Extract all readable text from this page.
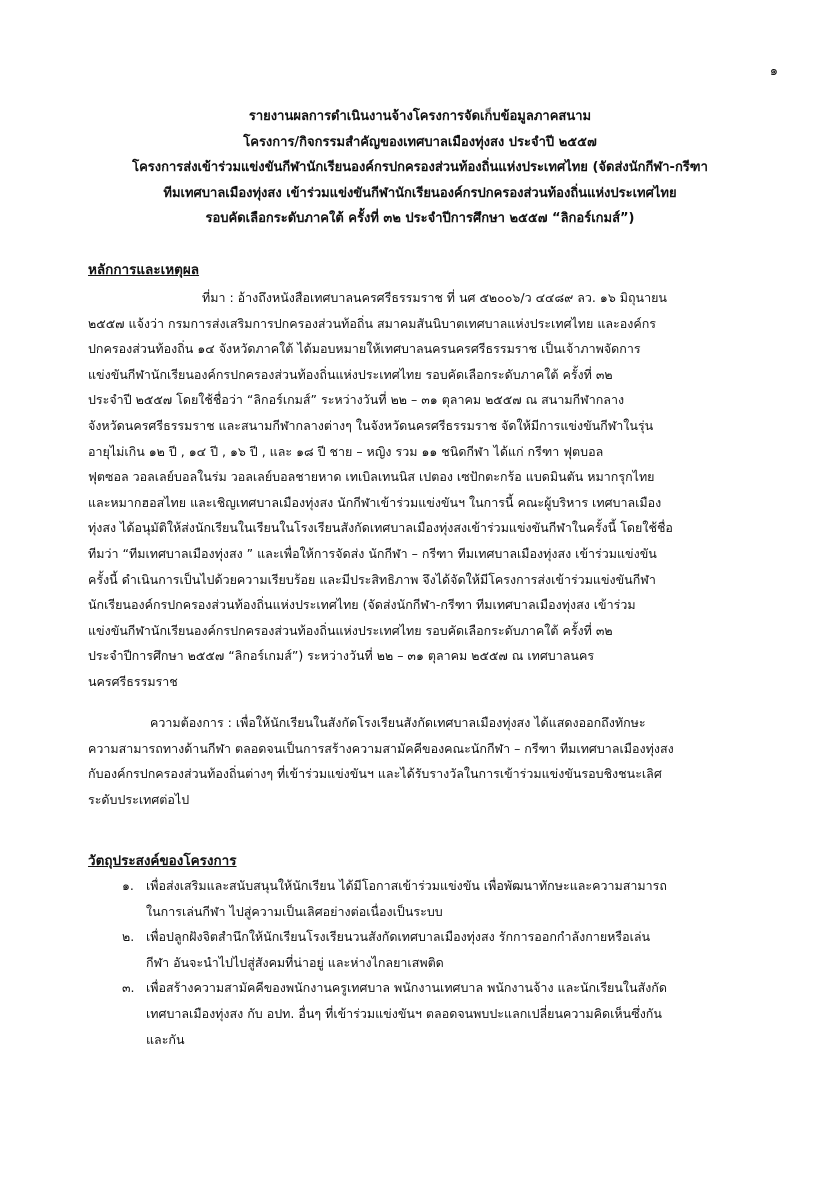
๑
รายงานผลการดำเนินงานจ้างโครงการจัดเก็บข้อมูลภาคสนาม
โครงการ/กิจกรรมสำคัญของเทศบาลเมืองทุ่งสง ประจำปี ๒๕๕๗
โครงการส่งเข้าร่วมแข่งขันกีฬานักเรียนองค์กรปกครองส่วนท้องถิ่นแห่งประเทศไทย (จัดส่งนักกีฬา-กรีฑา
ทีมเทศบาลเมืองทุ่งสง เข้าร่วมแข่งขันกีฬานักเรียนองค์กรปกครองส่วนท้องถิ่นแห่งประเทศไทย
รอบคัดเลือกระดับภาคใต้ ครั้งที่ ๓๒ ประจำปีการศึกษา ๒๕๕๗ “ลิกอร์เกมส์”)
หลักการและเหตุผล
ที่มา : อ้างถึงหนังสือเทศบาลนครศรีธรรมราช ที่ นศ ๕๒๐๐๖/ว ๔๔๘๙ ลว. ๑๖ มิถุนายน
๒๕๕๗ แจ้งว่า กรมการส่งเสริมการปกครองส่วนท้อถิ่น สมาคมสันนิบาตเทศบาลแห่งประเทศไทย และองค์กร
ปกครองส่วนท้องถิ่น ๑๔ จังหวัดภาคใต้ ได้มอบหมายให้เทศบาลนครนครศรีธรรมราช เป็นเจ้าภาพจัดการ
แข่งขันกีฬานักเรียนองค์กรปกครองส่วนท้องถิ่นแห่งประเทศไทย รอบคัดเลือกระดับภาคใต้ ครั้งที่ ๓๒
ประจำปี ๒๕๕๗ โดยใช้ชื่อว่า “ลิกอร์เกมส์” ระหว่างวันที่ ๒๒ – ๓๑ ตุลาคม ๒๕๕๗ ณ สนามกีฬากลาง
จังหวัดนครศรีธรรมราช และสนามกีฬากลางต่างๆ ในจังหวัดนครศรีธรรมราช จัดให้มีการแข่งขันกีฬาในรุ่น
อายุไม่เกิน ๑๒ ปี , ๑๔ ปี , ๑๖ ปี , และ ๑๘ ปี ชาย – หญิง รวม ๑๑ ชนิดกีฬา ได้แก่ กรีฑา ฟุตบอล
ฟุตซอล วอลเลย์บอลในร่ม วอลเลย์บอลชายหาด เทเบิลเทนนิส เปตอง เซปักตะกร้อ แบดมินตัน หมากรุกไทย
และหมากฮอสไทย และเชิญเทศบาลเมืองทุ่งสง นักกีฬาเข้าร่วมแข่งขันฯ ในการนี้ คณะผู้บริหาร เทศบาลเมือง
ทุ่งสง ได้อนุมัติให้ส่งนักเรียนในเรียนในโรงเรียนสังกัดเทศบาลเมืองทุ่งสงเข้าร่วมแข่งขันกีฬาในครั้งนี้ โดยใช้ชื่อ
ทีมว่า “ทีมเทศบาลเมืองทุ่งสง ” และเพื่อให้การจัดส่ง นักกีฬา – กรีฑา ทีมเทศบาลเมืองทุ่งสง เข้าร่วมแข่งขัน
ครั้งนี้ ดำเนินการเป็นไปด้วยความเรียบร้อย และมีประสิทธิภาพ จึงได้จัดให้มีโครงการส่งเข้าร่วมแข่งขันกีฬา
นักเรียนองค์กรปกครองส่วนท้องถิ่นแห่งประเทศไทย (จัดส่งนักกีฬา-กรีฑา ทีมเทศบาลเมืองทุ่งสง เข้าร่วม
แข่งขันกีฬานักเรียนองค์กรปกครองส่วนท้องถิ่นแห่งประเทศไทย รอบคัดเลือกระดับภาคใต้ ครั้งที่ ๓๒
ประจำปีการศึกษา ๒๕๕๗ “ลิกอร์เกมส์”) ระหว่างวันที่ ๒๒ – ๓๑ ตุลาคม ๒๕๕๗ ณ เทศบาลนคร
นครศรีธรรมราช
ความต้องการ : เพื่อให้นักเรียนในสังกัดโรงเรียนสังกัดเทศบาลเมืองทุ่งสง ได้แสดงออกถึงทักษะ
ความสามารถทางด้านกีฬา ตลอดจนเป็นการสร้างความสามัคคีของคณะนักกีฬา – กรีฑา ทีมเทศบาลเมืองทุ่งสง
กับองค์กรปกครองส่วนท้องถิ่นต่างๆ ที่เข้าร่วมแข่งขันฯ และได้รับรางวัลในการเข้าร่วมแข่งขันรอบชิงชนะเลิศ
ระดับประเทศต่อไป
วัตถุประสงค์ของโครงการ
๑. เพื่อส่งเสริมและสนับสนุนให้นักเรียน ได้มีโอกาสเข้าร่วมแข่งขัน เพื่อพัฒนาทักษะและความสามารถ
ในการเล่นกีฬา ไปสู่ความเป็นเลิศอย่างต่อเนื่องเป็นระบบ
๒. เพื่อปลูกฝังจิตสำนึกให้นักเรียนโรงเรียนวนสังกัดเทศบาลเมืองทุ่งสง รักการออกกำลังกายหรือเล่น
กีฬา อันจะนำไปไปสู่สังคมที่น่าอยู่ และห่างไกลยาเสพติด
๓. เพื่อสร้างความสามัคคีของพนักงานครูเทศบาล พนักงานเทศบาล พนักงานจ้าง และนักเรียนในสังกัด
เทศบาลเมืองทุ่งสง กับ อปท. อื่นๆ ที่เข้าร่วมแข่งขันฯ ตลอดจนพบปะแลกเปลี่ยนความคิดเห็นซึ่งกัน
และกัน
